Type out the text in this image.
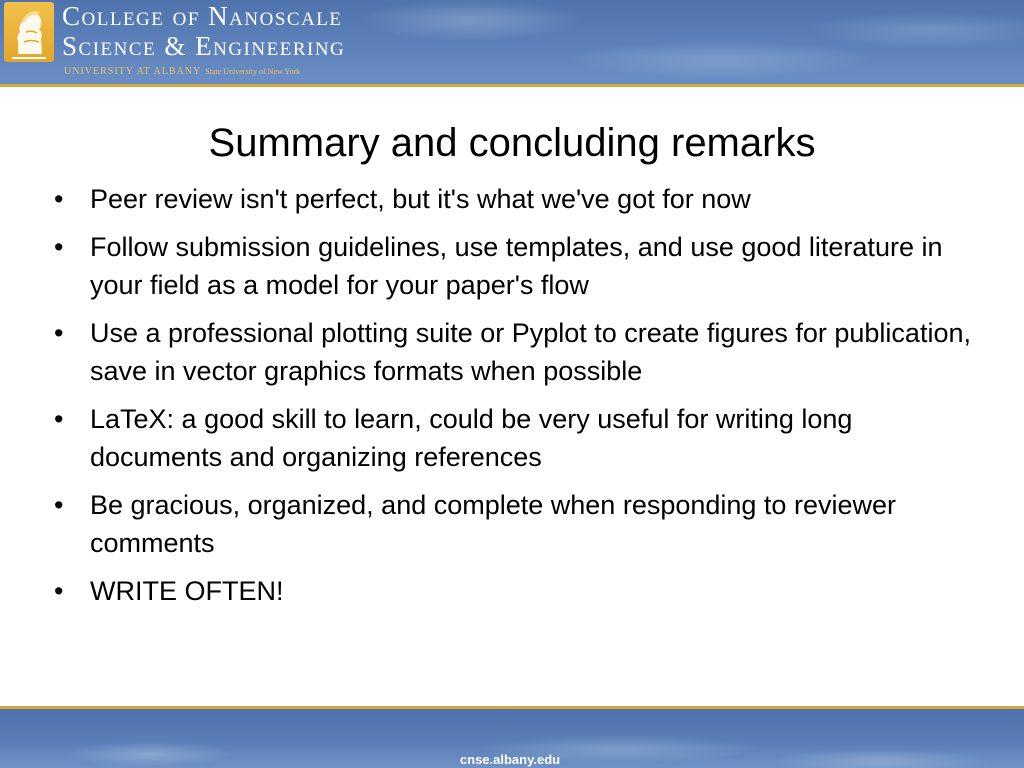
College of Nanoscale
Science & Engineering
UNIVERSITY AT ALBANY State University of New York
Summary and concluding remarks
• Peer review isn't perfect, but it's what we've got for now
• Follow submission guidelines, use templates, and use good literature in your field as a model for your paper's flow
• Use a professional plotting suite or Pyplot to create figures for publication, save in vector graphics formats when possible
• LaTeX: a good skill to learn, could be very useful for writing long documents and organizing references
• Be gracious, organized, and complete when responding to reviewer comments
• WRITE OFTEN!
cnse.albany.edu
